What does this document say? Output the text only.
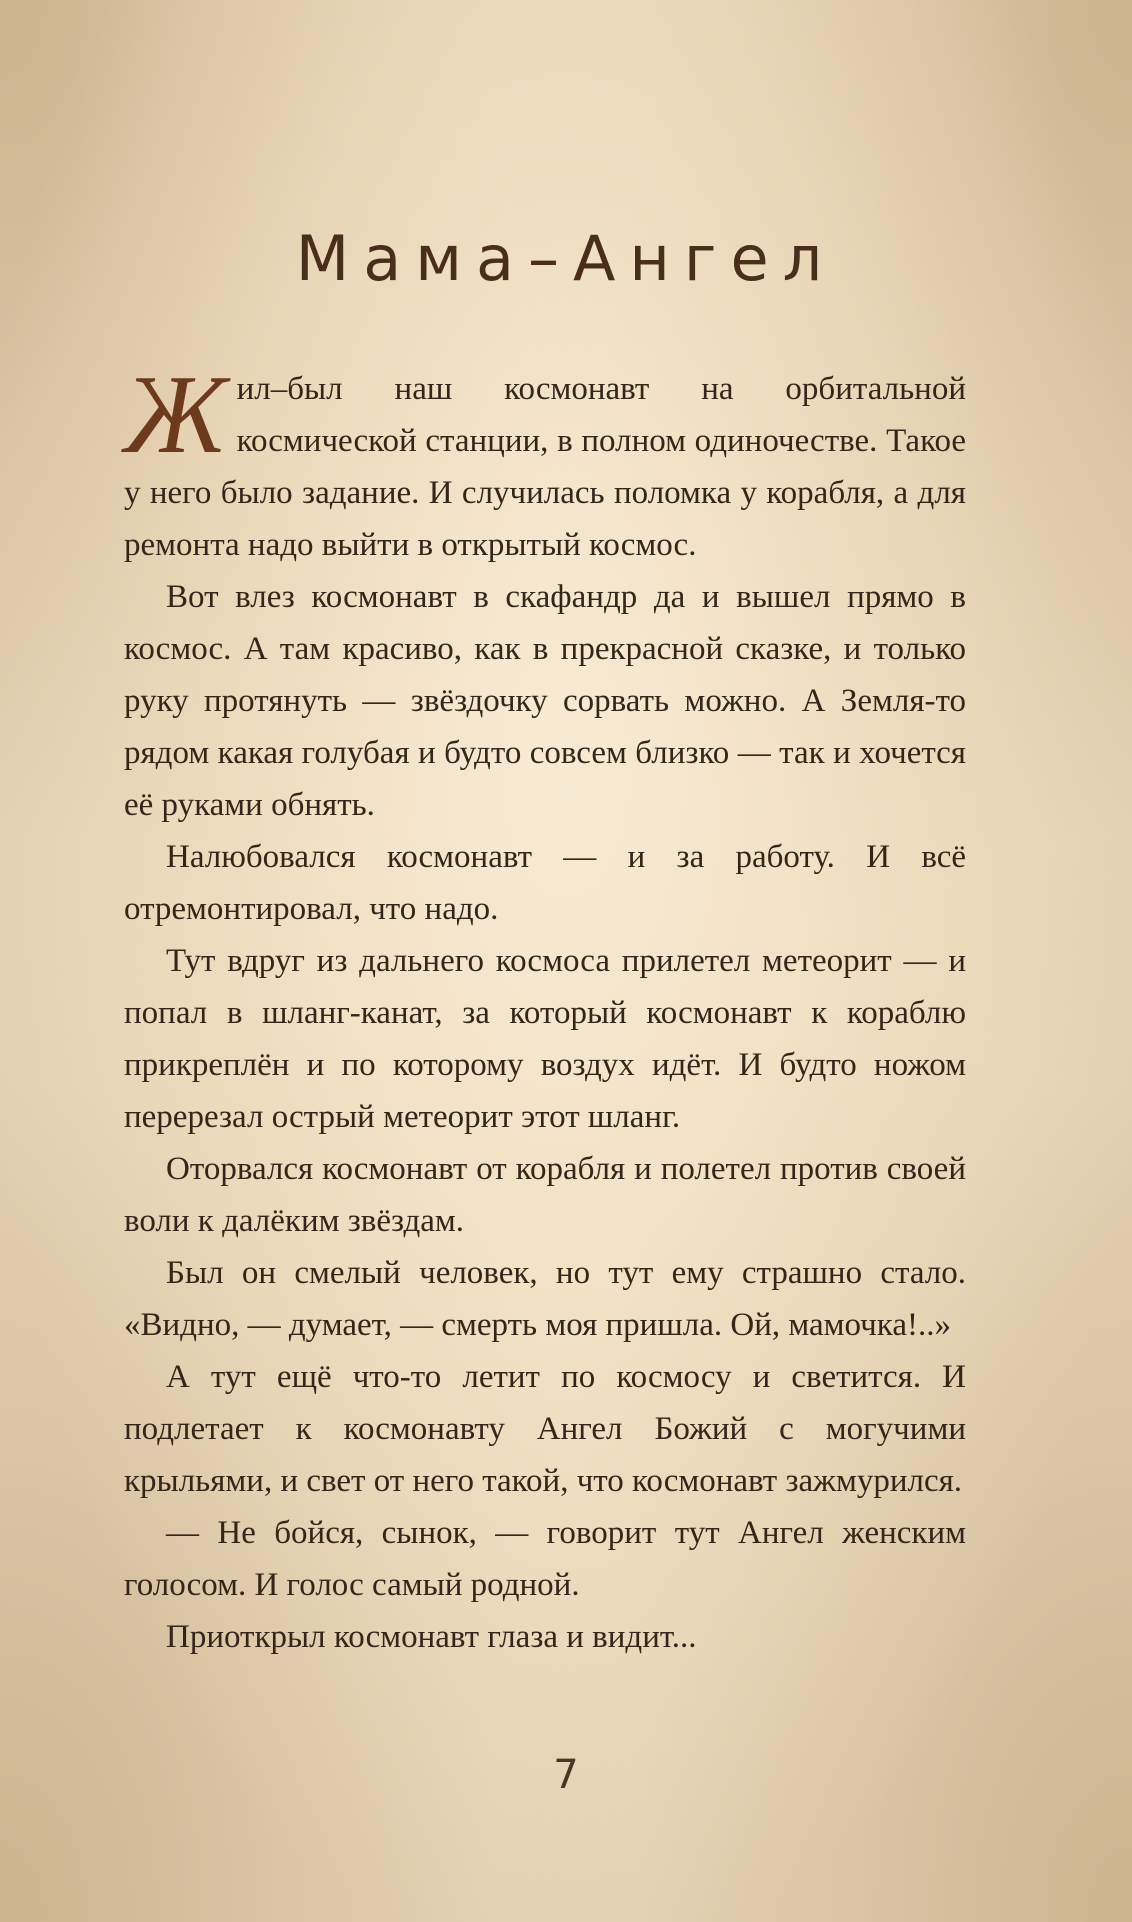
Мама–Ангел

Жил–был наш космонавт на орбитальной космической станции, в полном одиночестве. Такое у него было задание. И случилась поломка у корабля, а для ремонта надо выйти в открытый космос.

Вот влез космонавт в скафандр да и вышел прямо в космос. А там красиво, как в прекрасной сказке, и только руку протянуть — звёздочку сорвать можно. А Земля-то рядом какая голубая и будто совсем близко — так и хочется её руками обнять.

Налюбовался космонавт — и за работу. И всё отремонтировал, что надо.

Тут вдруг из дальнего космоса прилетел метеорит — и попал в шланг-канат, за который космонавт к кораблю прикреплён и по которому воздух идёт. И будто ножом перерезал острый метеорит этот шланг.

Оторвался космонавт от корабля и полетел против своей воли к далёким звёздам.

Был он смелый человек, но тут ему страшно стало. «Видно, — думает, — смерть моя пришла. Ой, мамочка!..»

А тут ещё что-то летит по космосу и светится. И подлетает к космонавту Ангел Божий с могучими крыльями, и свет от него такой, что космонавт зажмурился.

— Не бойся, сынок, — говорит тут Ангел женским голосом. И голос самый родной.

Приоткрыл космонавт глаза и видит...

7
